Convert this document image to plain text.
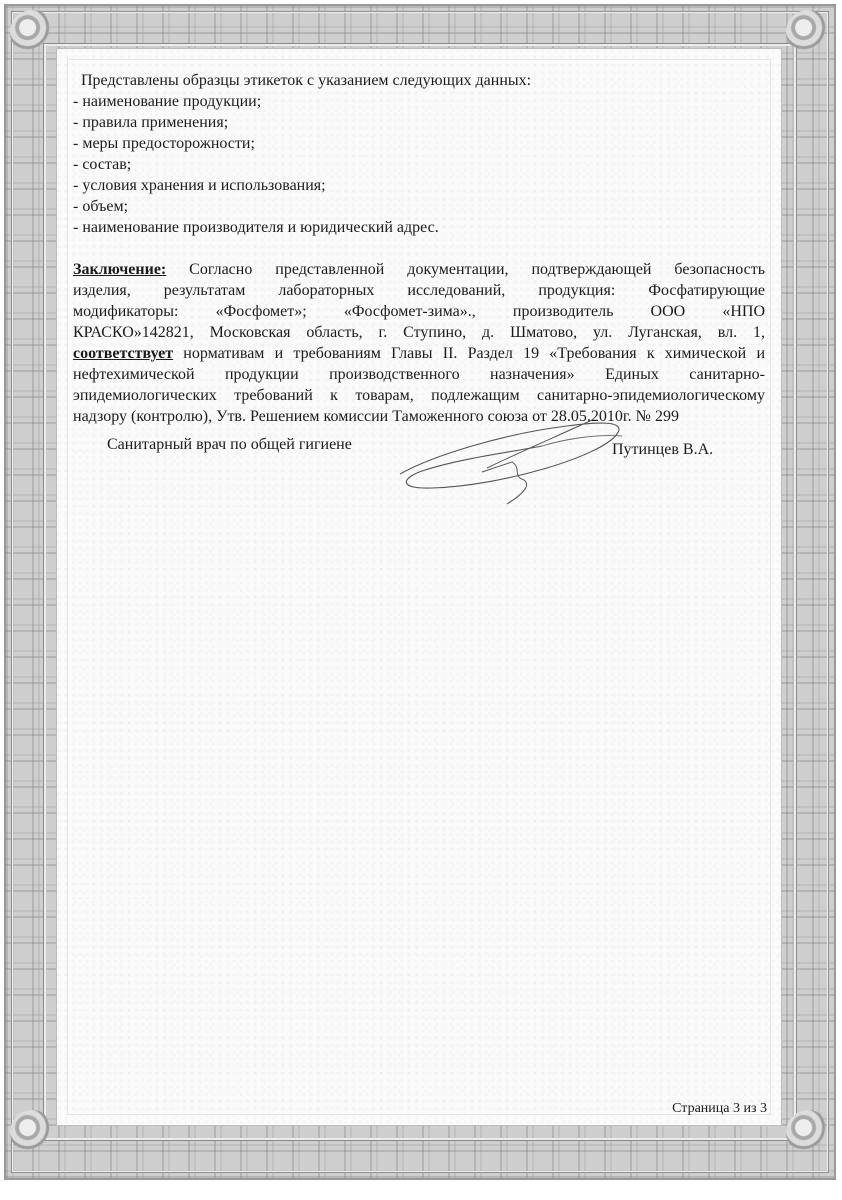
Представлены образцы этикеток с указанием следующих данных:

- наименование продукции;
- правила применения;
- меры предосторожности;
- состав;
- условия хранения и использования;
- объем;
- наименование производителя и юридический адрес.
Заключение: Согласно представленной документации, подтверждающей безопасность
изделия, результатам лабораторных исследований, продукция: Фосфатирующие
модификаторы: «Фосфомет»; «Фосфомет-зима»., производитель ООО «НПО
КРАСКО»142821, Московская область, г. Ступино, д. Шматово, ул. Луганская, вл. 1,
соответствует нормативам и требованиям Главы II. Раздел 19 «Требования к химической и
нефтехимической продукции производственного назначения» Единых санитарно-
эпидемиологических требований к товарам, подлежащим санитарно-эпидемиологическому
надзору (контролю), Утв. Решением комиссии Таможенного союза от 28.05.2010г. № 299
Санитарный врач по общей гигиене	Путинцев В.А.
Страница 3 из 3
